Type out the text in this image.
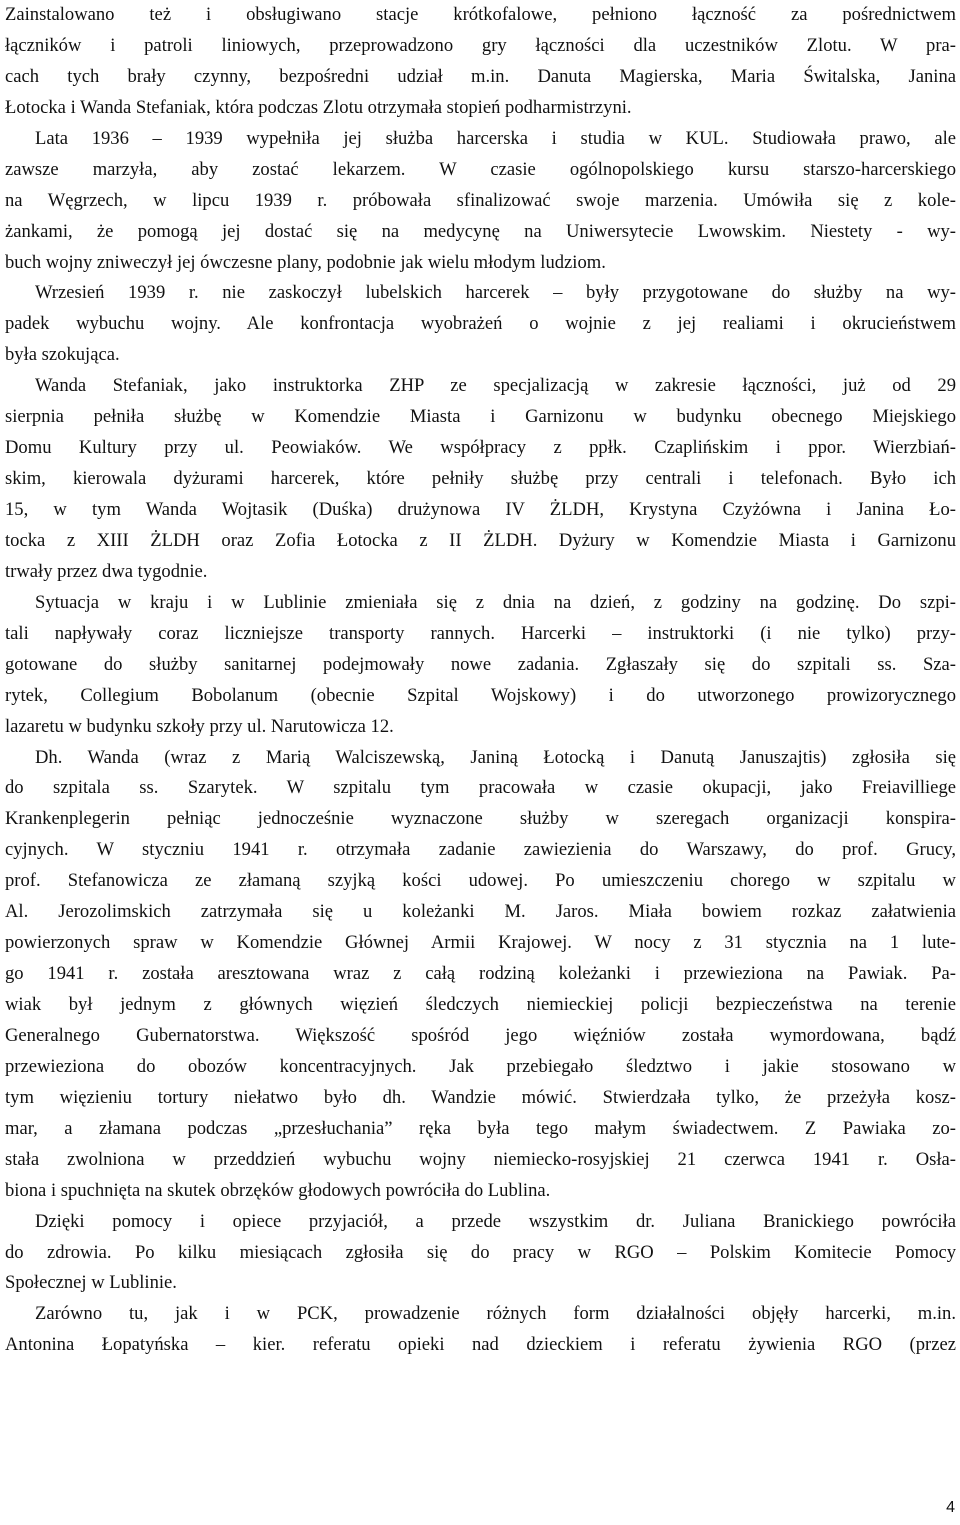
Zainstalowano też i obsługiwano stacje krótkofalowe, pełniono łączność za pośrednictwem
łączników i patroli liniowych, przeprowadzono gry łączności dla uczestników Zlotu. W pra-
cach tych brały czynny, bezpośredni udział m.in. Danuta Magierska, Maria Świtalska, Janina
Łotocka i Wanda Stefaniak, która podczas Zlotu otrzymała stopień podharmistrzyni.
Lata 1936 – 1939 wypełniła jej służba harcerska i studia w KUL. Studiowała prawo, ale
zawsze marzyła, aby zostać lekarzem. W czasie ogólnopolskiego kursu starszo-harcerskiego
na Węgrzech, w lipcu 1939 r. próbowała sfinalizować swoje marzenia. Umówiła się z kole-
żankami, że pomogą jej dostać się na medycynę na Uniwersytecie Lwowskim. Niestety - wy-
buch wojny zniweczył jej ówczesne plany, podobnie jak wielu młodym ludziom.
Wrzesień 1939 r. nie zaskoczył lubelskich harcerek – były przygotowane do służby na wy-
padek wybuchu wojny. Ale konfrontacja wyobrażeń o wojnie z jej realiami i okrucieństwem
była szokująca.
Wanda Stefaniak, jako instruktorka ZHP ze specjalizacją w zakresie łączności, już od 29
sierpnia pełniła służbę w Komendzie Miasta i Garnizonu w budynku obecnego Miejskiego
Domu Kultury przy ul. Peowiaków. We współpracy z ppłk. Czaplińskim i ppor. Wierzbiań-
skim, kierowala dyżurami harcerek, które pełniły służbę przy centrali i telefonach. Było ich
15, w tym Wanda Wojtasik (Duśka) drużynowa IV ŻLDH, Krystyna Czyżówna i Janina Ło-
tocka z XIII ŻLDH oraz Zofia Łotocka z II ŻLDH. Dyżury w Komendzie Miasta i Garnizonu
trwały przez dwa tygodnie.
Sytuacja w kraju i w Lublinie zmieniała się z dnia na dzień, z godziny na godzinę. Do szpi-
tali napływały coraz liczniejsze transporty rannych. Harcerki – instruktorki (i nie tylko) przy-
gotowane do służby sanitarnej podejmowały nowe zadania. Zgłaszały się do szpitali ss. Sza-
rytek, Collegium Bobolanum (obecnie Szpital Wojskowy) i do utworzonego prowizorycznego
lazaretu w budynku szkoły przy ul. Narutowicza 12.
Dh. Wanda (wraz z Marią Walciszewską, Janiną Łotocką i Danutą Januszajtis) zgłosiła się
do szpitala ss. Szarytek. W szpitalu tym pracowała w czasie okupacji, jako Freiavilliege
Krankenplegerin pełniąc jednocześnie wyznaczone służby w szeregach organizacji konspira-
cyjnych. W styczniu 1941 r. otrzymała zadanie zawiezienia do Warszawy, do prof. Grucy,
prof. Stefanowicza ze złamaną szyjką kości udowej. Po umieszczeniu chorego w szpitalu w
Al. Jerozolimskich zatrzymała się u koleżanki M. Jaros. Miała bowiem rozkaz załatwienia
powierzonych spraw w Komendzie Głównej Armii Krajowej. W nocy z 31 stycznia na 1 lute-
go 1941 r. została aresztowana wraz z całą rodziną koleżanki i przewieziona na Pawiak. Pa-
wiak był jednym z głównych więzień śledczych niemieckiej policji bezpieczeństwa na terenie
Generalnego Gubernatorstwa. Większość spośród jego więźniów została wymordowana, bądź
przewieziona do obozów koncentracyjnych. Jak przebiegało śledztwo i jakie stosowano w
tym więzieniu tortury niełatwo było dh. Wandzie mówić. Stwierdzała tylko, że przeżyła kosz-
mar, a złamana podczas „przesłuchania” ręka była tego małym świadectwem. Z Pawiaka zo-
stała zwolniona w przeddzień wybuchu wojny niemiecko-rosyjskiej 21 czerwca 1941 r. Osła-
biona i spuchnięta na skutek obrzęków głodowych powróciła do Lublina.
Dzięki pomocy i opiece przyjaciół, a przede wszystkim dr. Juliana Branickiego powróciła
do zdrowia. Po kilku miesiącach zgłosiła się do pracy w RGO – Polskim Komitecie Pomocy
Społecznej w Lublinie.
Zarówno tu, jak i w PCK, prowadzenie różnych form działalności objęły harcerki, m.in.
Antonina Łopatyńska – kier. referatu opieki nad dzieckiem i referatu żywienia RGO (przez
4
